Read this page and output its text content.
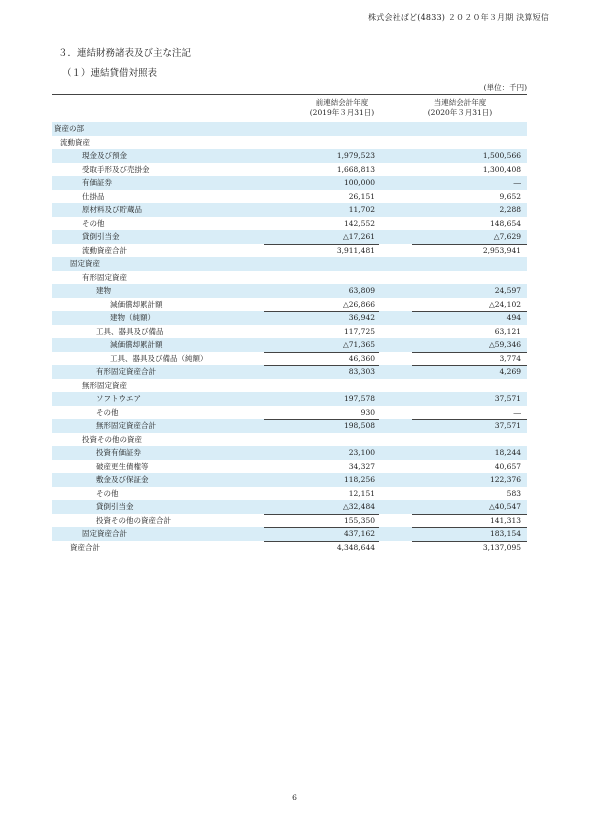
株式会社ぱど(4833) ２０２０年３月期 決算短信
３．連結財務諸表及び主な注記
（１）連結貸借対照表
(単位：千円)
前連結会計年度
(2019年３月31日)
当連結会計年度
(2020年３月31日)
資産の部
流動資産
現金及び預金	1,979,523	1,500,566
受取手形及び売掛金	1,668,813	1,300,408
有価証券	100,000	―
仕掛品	26,151	9,652
原材料及び貯蔵品	11,702	2,288
その他	142,552	148,654
貸倒引当金	△17,261	△7,629
流動資産合計	3,911,481	2,953,941
固定資産
有形固定資産
建物	63,809	24,597
減価償却累計額	△26,866	△24,102
建物（純額）	36,942	494
工具、器具及び備品	117,725	63,121
減価償却累計額	△71,365	△59,346
工具、器具及び備品（純額）	46,360	3,774
有形固定資産合計	83,303	4,269
無形固定資産
ソフトウエア	197,578	37,571
その他	930	―
無形固定資産合計	198,508	37,571
投資その他の資産
投資有価証券	23,100	18,244
破産更生債権等	34,327	40,657
敷金及び保証金	118,256	122,376
その他	12,151	583
貸倒引当金	△32,484	△40,547
投資その他の資産合計	155,350	141,313
固定資産合計	437,162	183,154
資産合計	4,348,644	3,137,095
6
